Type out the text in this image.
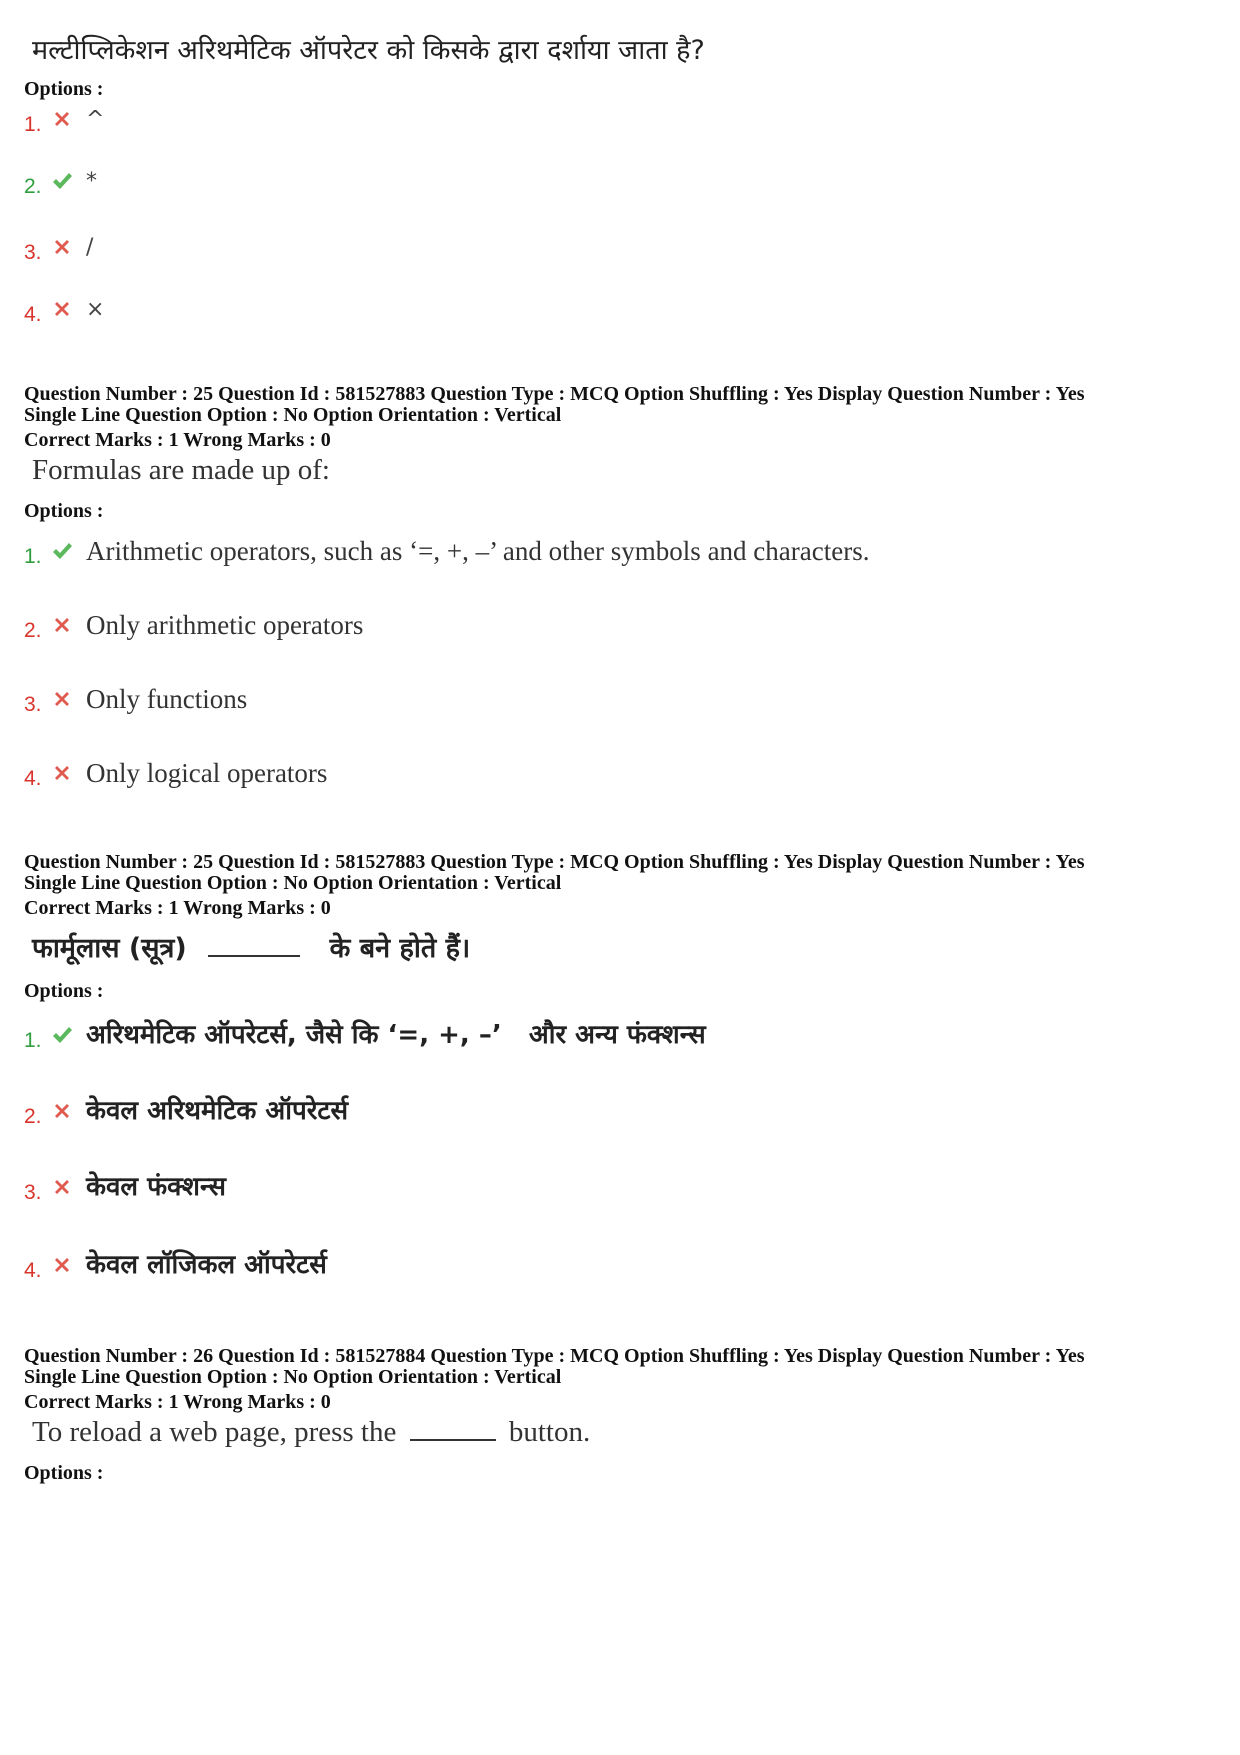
मल्टीप्लिकेशन अरिथमेटिक ऑपरेटर को किसके द्वारा दर्शाया जाता है?
Options :
1.	^
2.	*
3.	/
4.	×
Question Number : 25 Question Id : 581527883 Question Type : MCQ Option Shuffling : Yes Display Question Number : Yes
Single Line Question Option : No Option Orientation : Vertical
Correct Marks : 1 Wrong Marks : 0
Formulas are made up of:
Options :
1.	Arithmetic operators, such as ‘=, +, –’ and other symbols and characters.
2.	Only arithmetic operators
3.	Only functions
4.	Only logical operators
Question Number : 25 Question Id : 581527883 Question Type : MCQ Option Shuffling : Yes Display Question Number : Yes
Single Line Question Option : No Option Orientation : Vertical
Correct Marks : 1 Wrong Marks : 0
फार्मूलास (सूत्र)	के बने होते हैं।
Options :
1.	अरिथमेटिक ऑपरेटर्स, जैसे कि ‘=, +, –’   और अन्य फंक्शन्स
2.	केवल अरिथमेटिक ऑपरेटर्स
3.	केवल फंक्शन्स
4.	केवल लॉजिकल ऑपरेटर्स
Question Number : 26 Question Id : 581527884 Question Type : MCQ Option Shuffling : Yes Display Question Number : Yes
Single Line Question Option : No Option Orientation : Vertical
Correct Marks : 1 Wrong Marks : 0
To reload a web page, press the	button.
Options :
